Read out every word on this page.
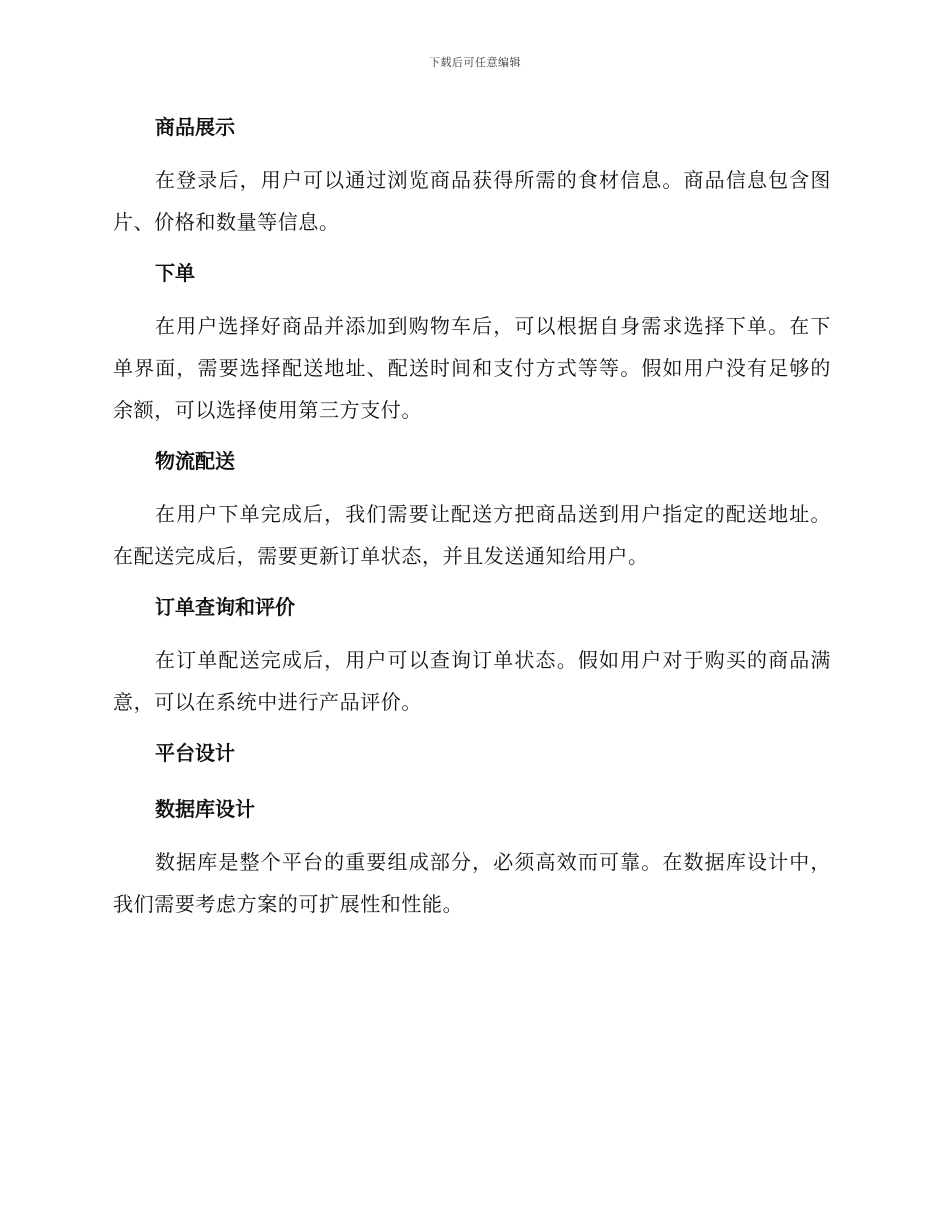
下载后可任意编辑
商品展示

在登录后，用户可以通过浏览商品获得所需的食材信息。商品信息包含图片、价格和数量等信息。

下单

在用户选择好商品并添加到购物车后，可以根据自身需求选择下单。在下单界面，需要选择配送地址、配送时间和支付方式等等。假如用户没有足够的余额，可以选择使用第三方支付。

物流配送

在用户下单完成后，我们需要让配送方把商品送到用户指定的配送地址。在配送完成后，需要更新订单状态，并且发送通知给用户。

订单查询和评价

在订单配送完成后，用户可以查询订单状态。假如用户对于购买的商品满意，可以在系统中进行产品评价。

平台设计
数据库设计

数据库是整个平台的重要组成部分，必须高效而可靠。在数据库设计中，我们需要考虑方案的可扩展性和性能。
